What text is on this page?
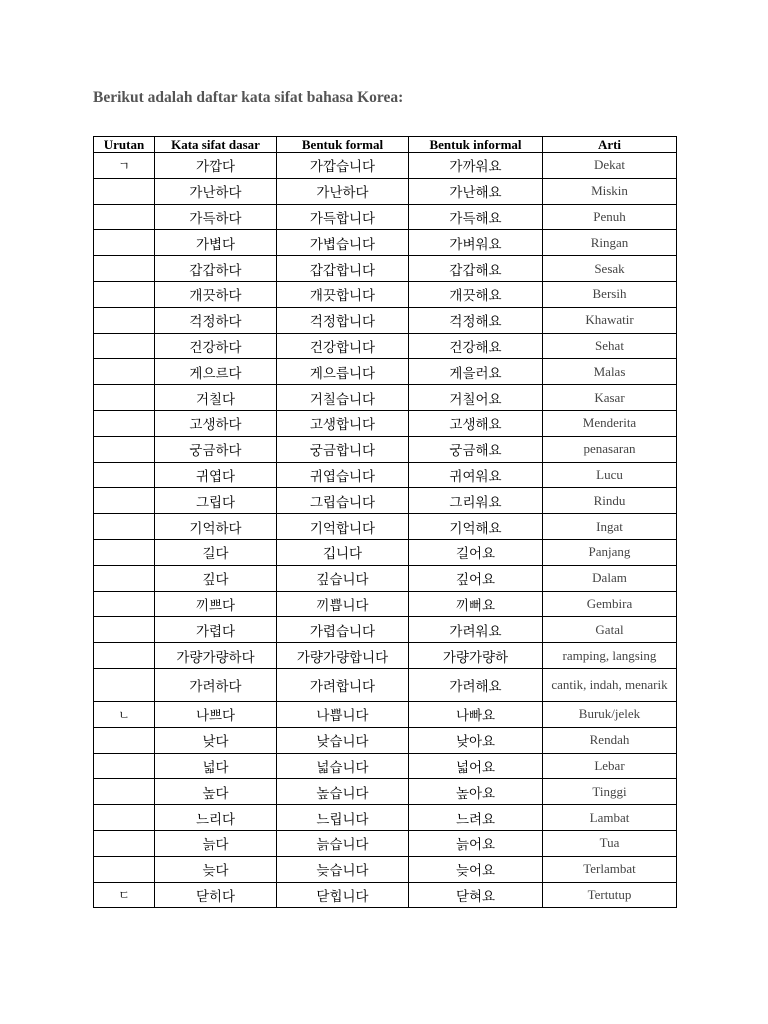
Berikut adalah daftar kata sifat bahasa Korea:
Urutan	Kata sifat dasar	Bentuk formal	Bentuk informal	Arti
ㄱ	가깝다	가깝습니다	가까워요	Dekat
	가난하다	가난하다	가난해요	Miskin
	가득하다	가득합니다	가득해요	Penuh
	가볍다	가볍습니다	가벼워요	Ringan
	갑갑하다	갑갑합니다	갑갑해요	Sesak
	개끗하다	개끗합니다	개끗해요	Bersih
	걱정하다	걱정합니다	걱정해요	Khawatir
	건강하다	건강합니다	건강해요	Sehat
	게으르다	게으릅니다	게을러요	Malas
	거칠다	거칠습니다	거칠어요	Kasar
	고생하다	고생합니다	고생해요	Menderita
	궁금하다	궁금합니다	궁금해요	penasaran
	귀엽다	귀엽습니다	귀여워요	Lucu
	그립다	그립습니다	그리워요	Rindu
	기억하다	기억합니다	기억해요	Ingat
	길다	깁니다	길어요	Panjang
	깊다	깊습니다	깊어요	Dalam
	끼쁘다	끼쁩니다	끼뻐요	Gembira
	가렵다	가렵습니다	가려워요	Gatal
	가량가량하다	가량가량합니다	가량가량하	ramping, langsing
	가려하다	가려합니다	가려해요	cantik, indah, menarik
ㄴ	나쁘다	나쁩니다	나빠요	Buruk/jelek
	낮다	낮습니다	낮아요	Rendah
	넓다	넓습니다	넓어요	Lebar
	높다	높습니다	높아요	Tinggi
	느리다	느립니다	느려요	Lambat
	늙다	늙습니다	늙어요	Tua
	늦다	늦습니다	늦어요	Terlambat
ㄷ	닫히다	닫힙니다	닫혀요	Tertutup
